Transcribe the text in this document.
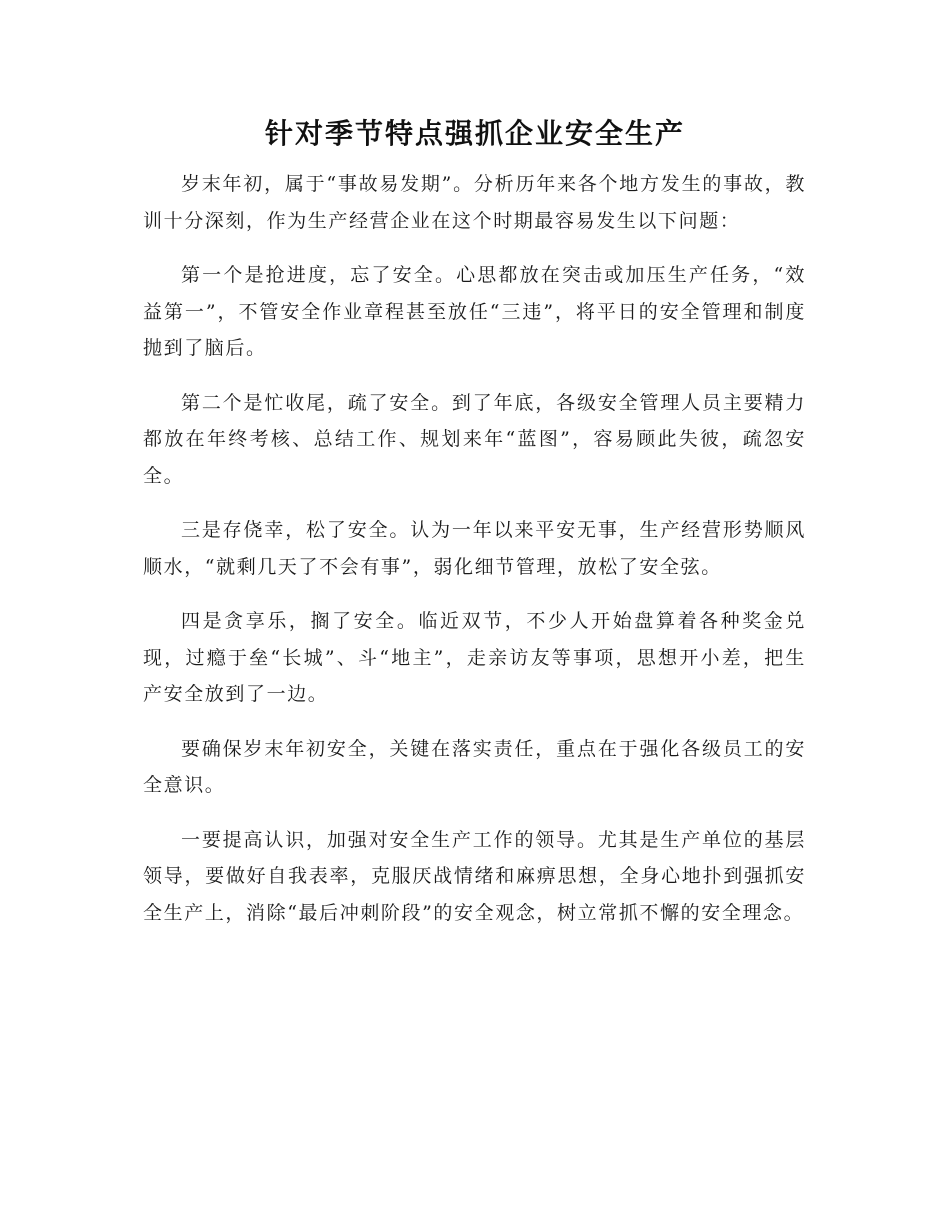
针对季节特点强抓企业安全生产

岁末年初，属于“事故易发期”。分析历年来各个地方发生的事故，教训十分深刻，作为生产经营企业在这个时期最容易发生以下问题：

第一个是抢进度，忘了安全。心思都放在突击或加压生产任务，“效益第一”，不管安全作业章程甚至放任“三违”，将平日的安全管理和制度抛到了脑后。

第二个是忙收尾，疏了安全。到了年底，各级安全管理人员主要精力都放在年终考核、总结工作、规划来年“蓝图”，容易顾此失彼，疏忽安全。

三是存侥幸，松了安全。认为一年以来平安无事，生产经营形势顺风顺水，“就剩几天了不会有事”，弱化细节管理，放松了安全弦。

四是贪享乐，搁了安全。临近双节，不少人开始盘算着各种奖金兑现，过瘾于垒“长城”、斗“地主”，走亲访友等事项，思想开小差，把生产安全放到了一边。

要确保岁末年初安全，关键在落实责任，重点在于强化各级员工的安全意识。

一要提高认识，加强对安全生产工作的领导。尤其是生产单位的基层领导，要做好自我表率，克服厌战情绪和麻痹思想，全身心地扑到强抓安全生产上，消除“最后冲刺阶段”的安全观念，树立常抓不懈的安全理念。
